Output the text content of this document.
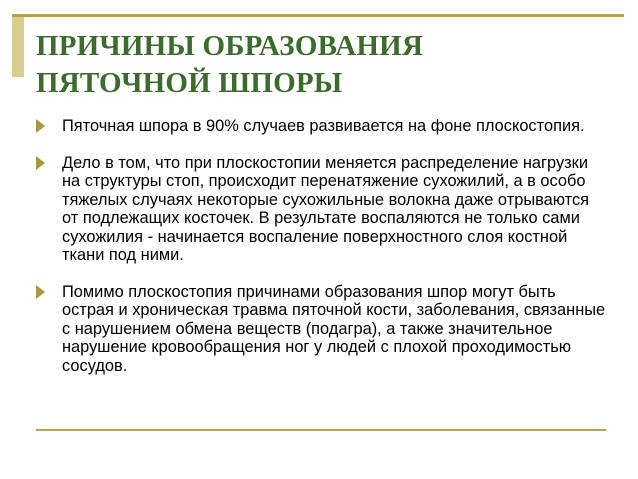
ПРИЧИНЫ ОБРАЗОВАНИЯ
ПЯТОЧНОЙ ШПОРЫ
Пяточная шпора в 90% случаев развивается на фоне плоскостопия.
Дело в том, что при плоскостопии меняется распределение нагрузки на структуры стоп, происходит перенатяжение сухожилий, а в особо тяжелых случаях некоторые сухожильные волокна даже отрываются от подлежащих косточек. В результате воспаляются не только сами сухожилия - начинается воспаление поверхностного слоя костной ткани под ними.
Помимо плоскостопия причинами образования шпор могут быть острая и хроническая травма пяточной кости, заболевания, связанные с нарушением обмена веществ (подагра), а также значительное нарушение кровообращения ног у людей с плохой проходимостью сосудов.
